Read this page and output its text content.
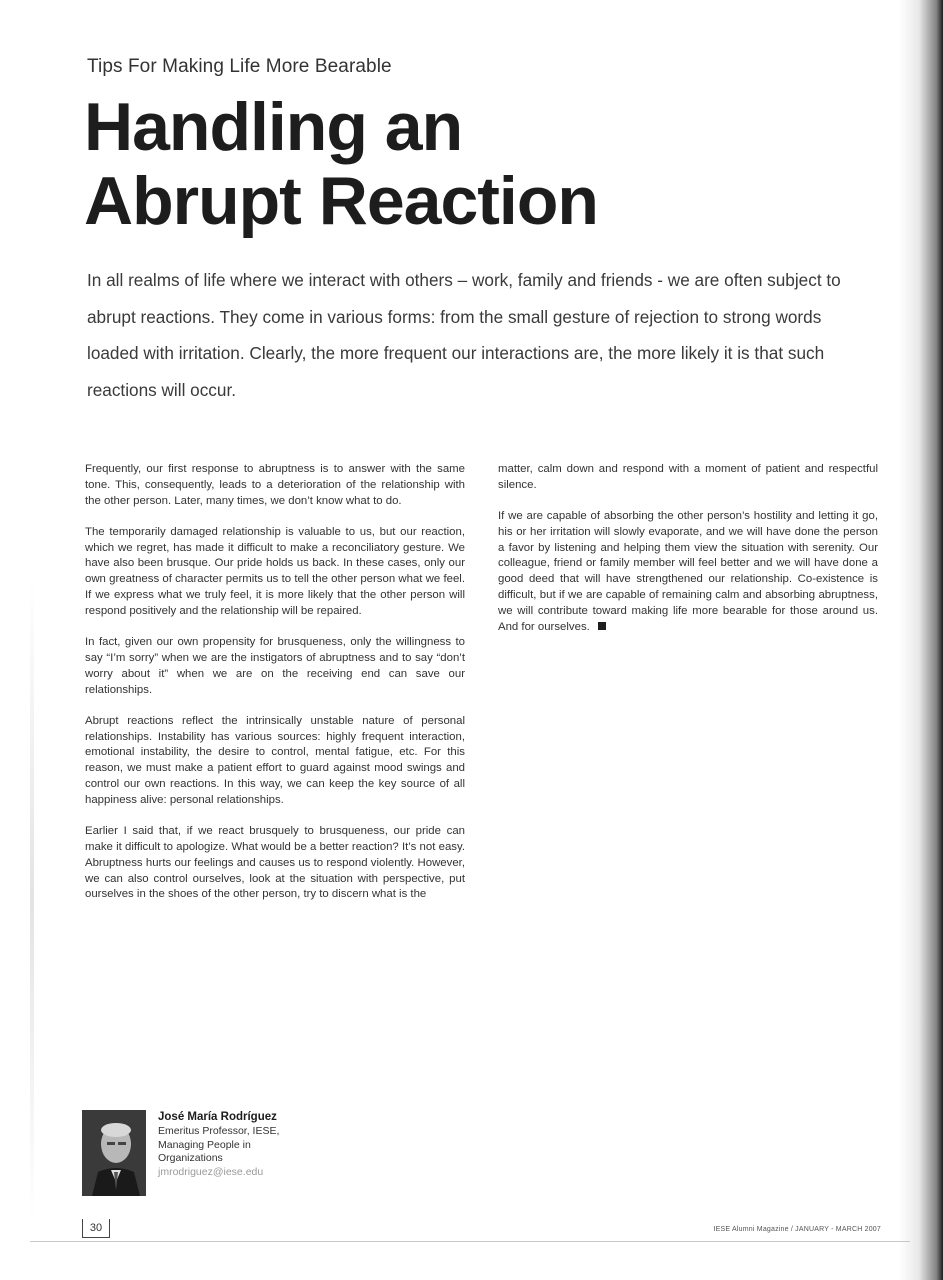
Tips For Making Life More Bearable
Handling an
Abrupt Reaction

In all realms of life where we interact with others – work, family and friends - we are often subject to abrupt reactions. They come in various forms: from the small gesture of rejection to strong words loaded with irritation. Clearly, the more frequent our interactions are, the more likely it is that such reactions will occur.

Frequently, our first response to abruptness is to answer with the same tone. This, consequently, leads to a deterioration of the relationship with the other person. Later, many times, we don’t know what to do.

The temporarily damaged relationship is valuable to us, but our reaction, which we regret, has made it difficult to make a reconciliatory gesture. We have also been brusque. Our pride holds us back. In these cases, only our own greatness of character permits us to tell the other person what we feel. If we express what we truly feel, it is more likely that the other person will respond positively and the relationship will be repaired.

In fact, given our own propensity for brusqueness, only the willingness to say “I’m sorry” when we are the instigators of abruptness and to say “don’t worry about it” when we are on the receiving end can save our relationships.

Abrupt reactions reflect the intrinsically unstable nature of personal relationships. Instability has various sources: highly frequent interaction, emotional instability, the desire to control, mental fatigue, etc. For this reason, we must make a patient effort to guard against mood swings and control our own reactions. In this way, we can keep the key source of all happiness alive: personal relationships.

Earlier I said that, if we react brusquely to brusqueness, our pride can make it difficult to apologize. What would be a better reaction? It’s not easy. Abruptness hurts our feelings and causes us to respond violently. However, we can also control ourselves, look at the situation with perspective, put ourselves in the shoes of the other person, try to discern what is the

matter, calm down and respond with a moment of patient and respectful silence.

If we are capable of absorbing the other person’s hostility and letting it go, his or her irritation will slowly evaporate, and we will have done the person a favor by listening and helping them view the situation with serenity. Our colleague, friend or family member will feel better and we will have done a good deed that will have strengthened our relationship. Co-existence is difficult, but if we are capable of remaining calm and absorbing abruptness, we will contribute toward making life more bearable for those around us. And for ourselves.

José María Rodríguez
Emeritus Professor, IESE,
Managing People in
Organizations
jmrodriguez@iese.edu
30	IESE Alumni Magazine / JANUARY - MARCH 2007
